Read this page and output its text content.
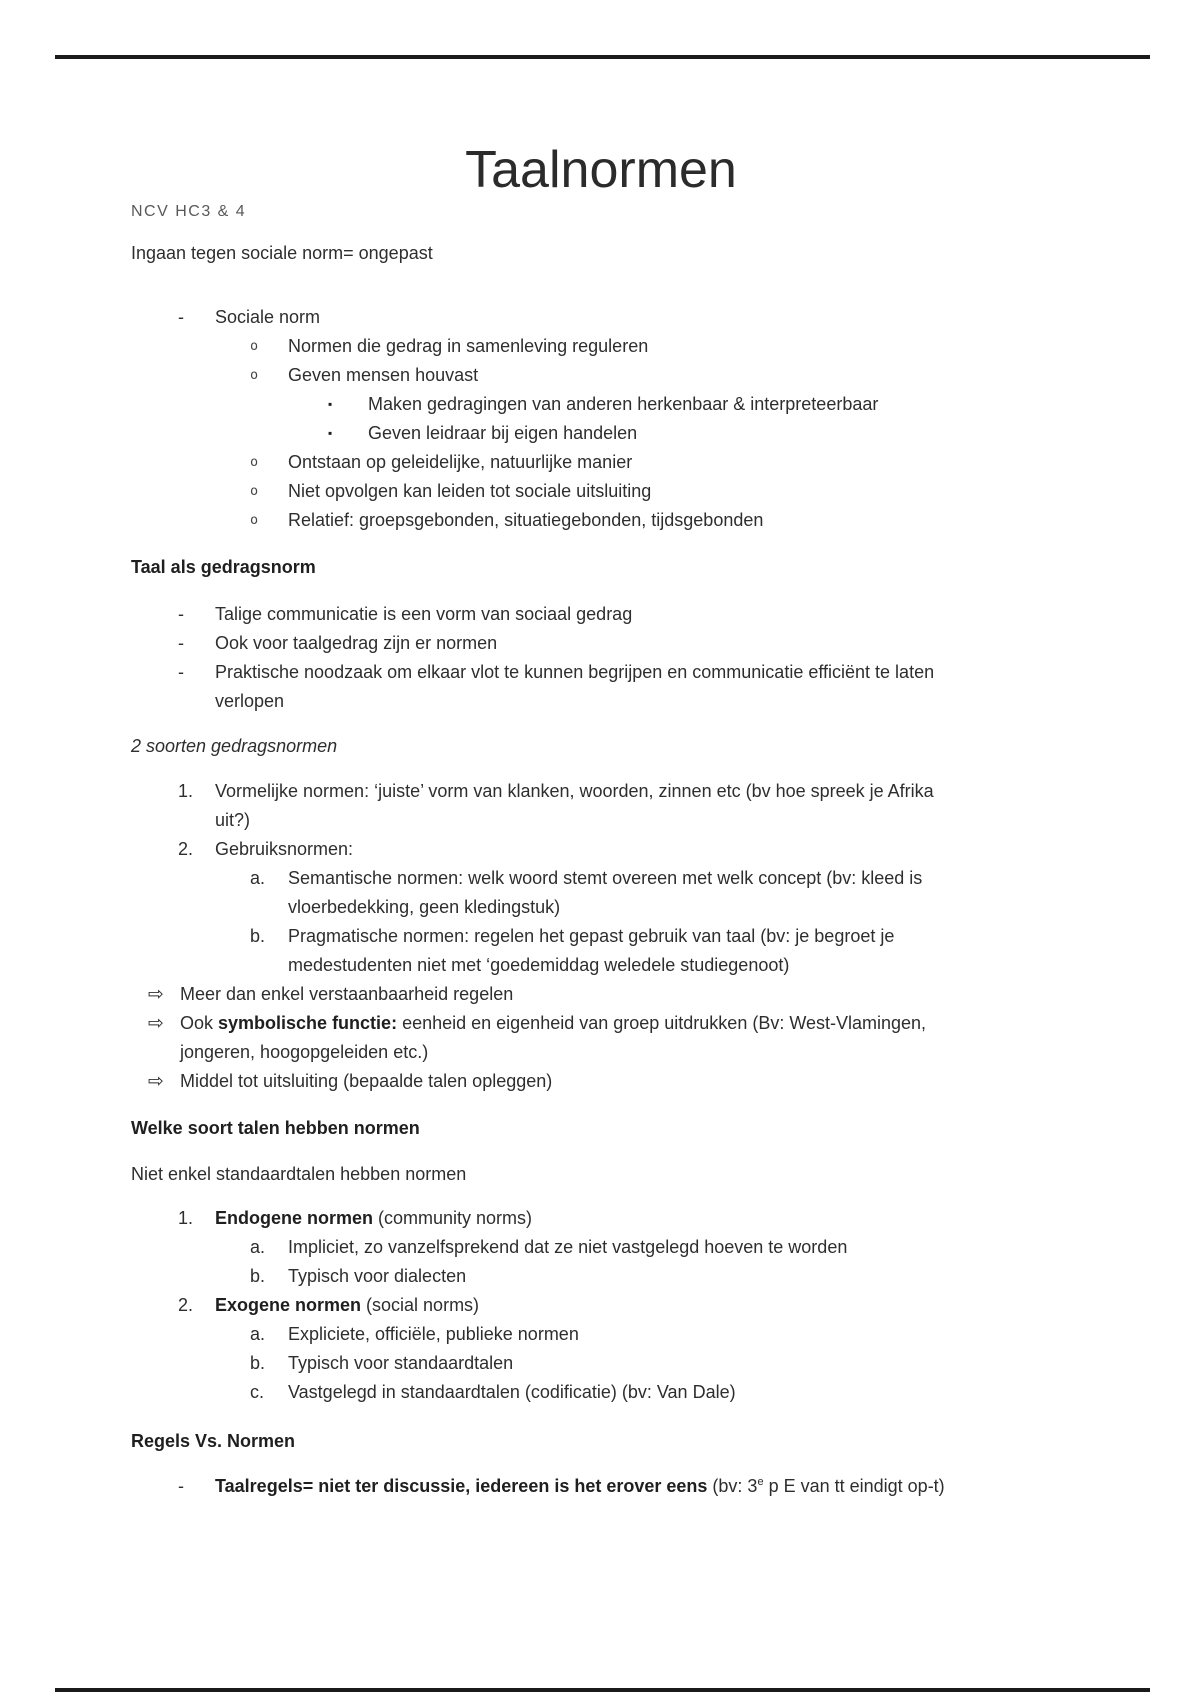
Taalnormen
NCV HC3 & 4
Ingaan tegen sociale norm= ongepast
-	Sociale norm
o	Normen die gedrag in samenleving reguleren
o	Geven mensen houvast
▪	Maken gedragingen van anderen herkenbaar & interpreteerbaar
▪	Geven leidraar bij eigen handelen
o	Ontstaan op geleidelijke, natuurlijke manier
o	Niet opvolgen kan leiden tot sociale uitsluiting
o	Relatief: groepsgebonden, situatiegebonden, tijdsgebonden
Taal als gedragsnorm
-	Talige communicatie is een vorm van sociaal gedrag
-	Ook voor taalgedrag zijn er normen
-	Praktische noodzaak om elkaar vlot te kunnen begrijpen en communicatie efficiënt te laten
verlopen
2 soorten gedragsnormen
1.	Vormelijke normen: ‘juiste’ vorm van klanken, woorden, zinnen etc (bv hoe spreek je Afrika
uit?)
2.	Gebruiksnormen:
a.	Semantische normen: welk woord stemt overeen met welk concept (bv: kleed is
vloerbedekking, geen kledingstuk)
b.	Pragmatische normen: regelen het gepast gebruik van taal (bv: je begroet je
medestudenten niet met ‘goedemiddag weledele studiegenoot)
⇨ Meer dan enkel verstaanbaarheid regelen
⇨ Ook symbolische functie: eenheid en eigenheid van groep uitdrukken (Bv: West-Vlamingen,
jongeren, hoogopgeleiden etc.)
⇨ Middel tot uitsluiting (bepaalde talen opleggen)
Welke soort talen hebben normen
Niet enkel standaardtalen hebben normen
1.	Endogene normen (community norms)
a.	Impliciet, zo vanzelfsprekend dat ze niet vastgelegd hoeven te worden
b.	Typisch voor dialecten
2.	Exogene normen (social norms)
a.	Expliciete, officiële, publieke normen
b.	Typisch voor standaardtalen
c.	Vastgelegd in standaardtalen (codificatie) (bv: Van Dale)
Regels Vs. Normen
-	Taalregels= niet ter discussie, iedereen is het erover eens (bv: 3e p E van tt eindigt op-t)
